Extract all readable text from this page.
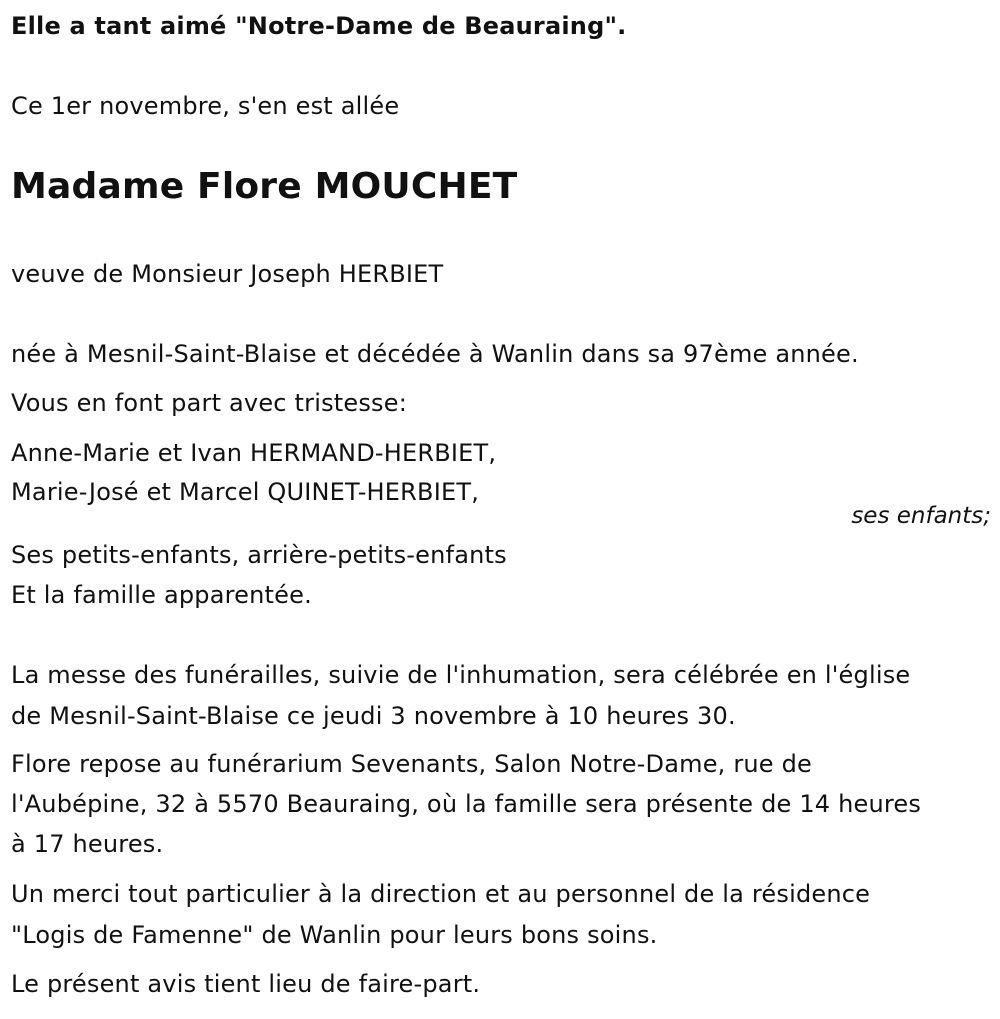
Elle a tant aimé "Notre-Dame de Beauraing".

Ce 1er novembre, s'en est allée

Madame Flore MOUCHET

veuve de Monsieur Joseph HERBIET

née à Mesnil-Saint-Blaise et décédée à Wanlin dans sa 97ème année.

Vous en font part avec tristesse:

Anne-Marie et Ivan HERMAND-HERBIET,

Marie-José et Marcel QUINET-HERBIET,

ses enfants;

Ses petits-enfants, arrière-petits-enfants

Et la famille apparentée.

La messe des funérailles, suivie de l'inhumation, sera célébrée en l'église

de Mesnil-Saint-Blaise ce jeudi 3 novembre à 10 heures 30.

Flore repose au funérarium Sevenants, Salon Notre-Dame, rue de

l'Aubépine, 32 à 5570 Beauraing, où la famille sera présente de 14 heures

à 17 heures.

Un merci tout particulier à la direction et au personnel de la résidence

"Logis de Famenne" de Wanlin pour leurs bons soins.

Le présent avis tient lieu de faire-part.
